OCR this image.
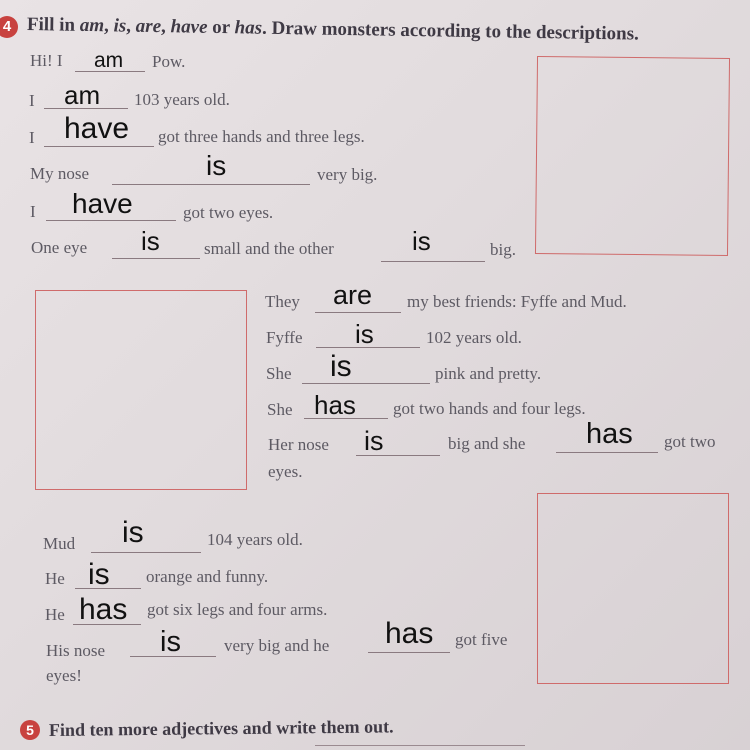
4 Fill in am, is, are, have or has. Draw monsters according to the descriptions.
Hi! I am Pow.
I am 103 years old.
I have got three hands and three legs.
My nose	is	very big.
I have	got two eyes.
One eye is	small and the other	is	big.
They are my best friends: Fyffe and Mud.
Fyffe is	102 years old.
She is	pink and pretty.
She has got two hands and four legs.
Her nose is	big and she has got two
eyes.
Mud is	104 years old.
He is orange and funny.
He has got six legs and four arms.
His nose is	very big and he has got five
eyes!
5 Find ten more adjectives and write them out.
